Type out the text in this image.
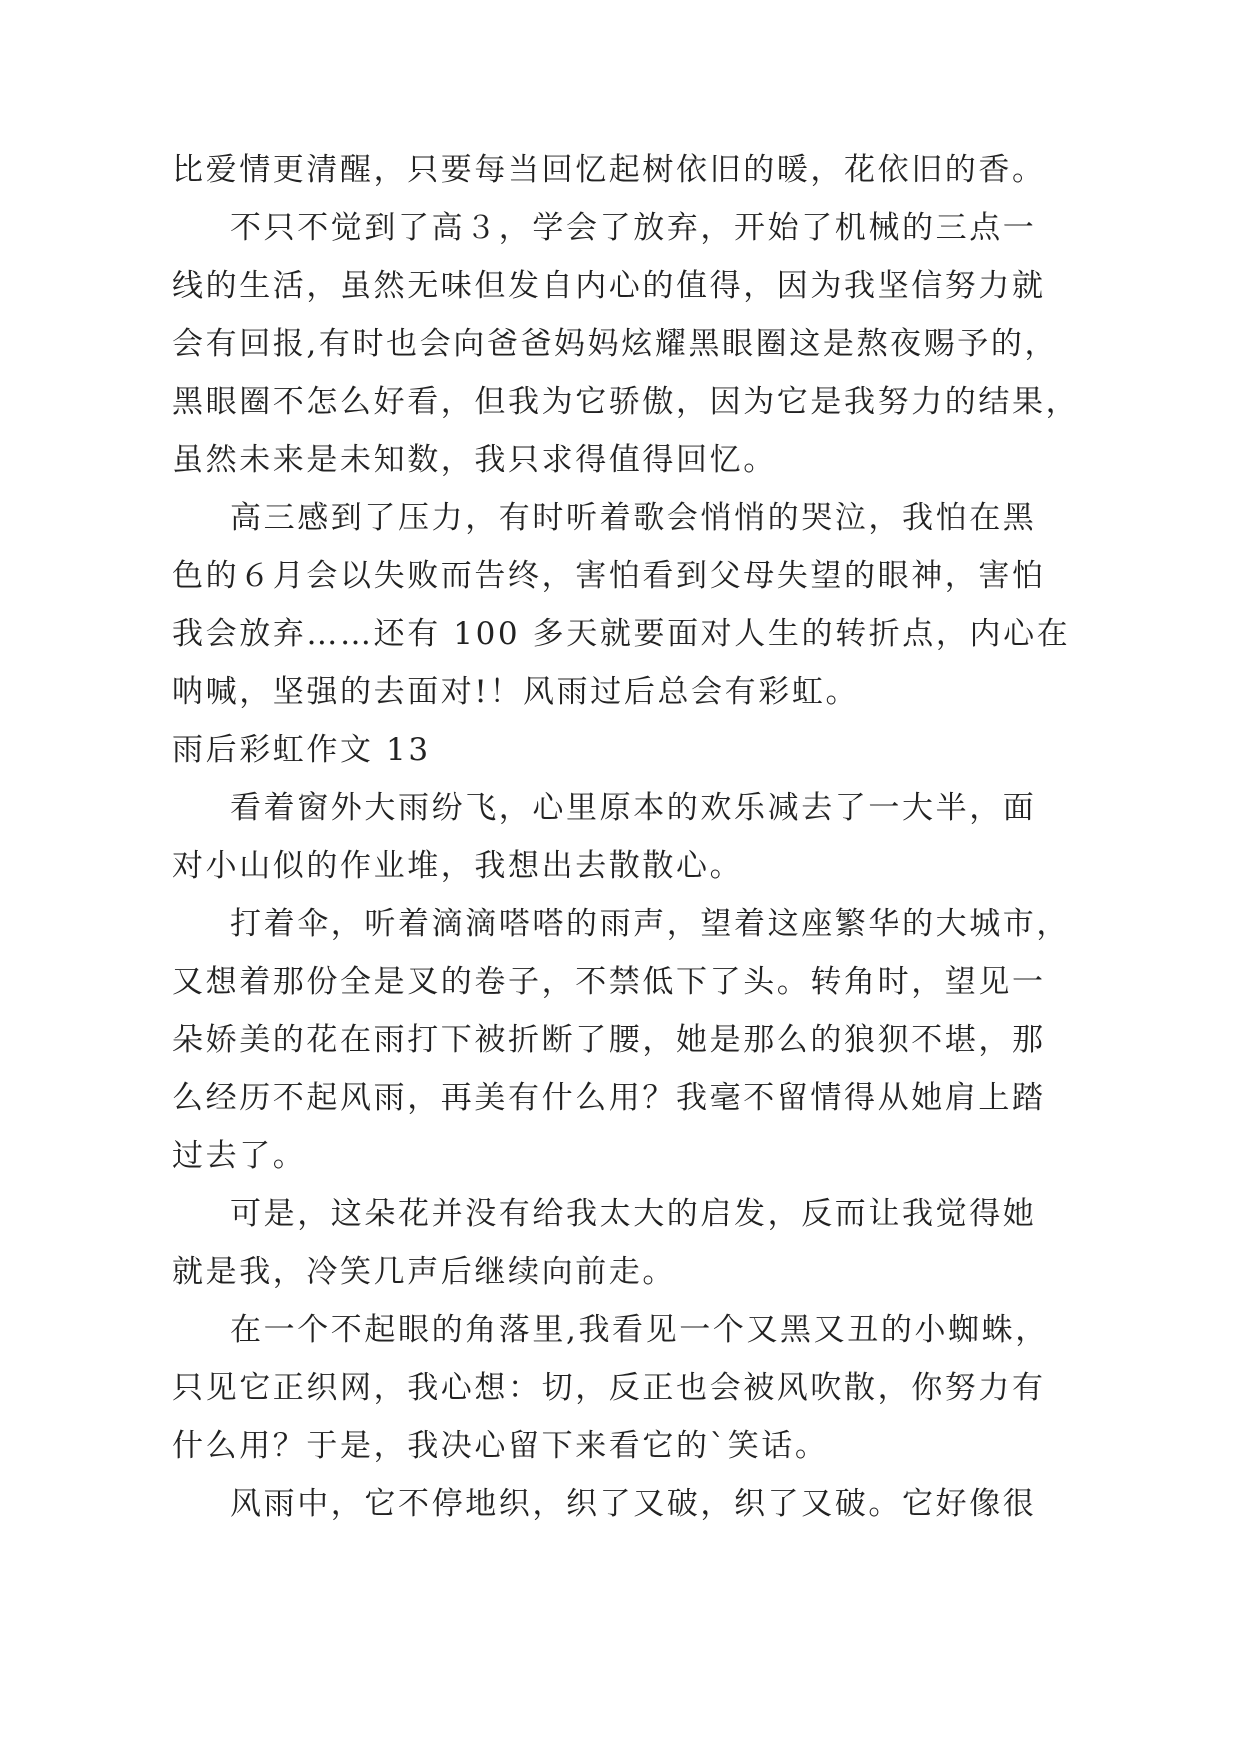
比爱情更清醒，只要每当回忆起树依旧的暖，花依旧的香。
不只不觉到了高３，学会了放弃，开始了机械的三点一
线的生活，虽然无味但发自内心的值得，因为我坚信努力就
会有回报,有时也会向爸爸妈妈炫耀黑眼圈这是熬夜赐予的，
黑眼圈不怎么好看，但我为它骄傲，因为它是我努力的结果，
虽然未来是未知数，我只求得值得回忆。
高三感到了压力，有时听着歌会悄悄的哭泣，我怕在黑
色的６月会以失败而告终，害怕看到父母失望的眼神，害怕
我会放弃……还有 100 多天就要面对人生的转折点，内心在
呐喊，坚强的去面对!！风雨过后总会有彩虹。
雨后彩虹作文 13
看着窗外大雨纷飞，心里原本的欢乐减去了一大半，面
对小山似的作业堆，我想出去散散心。
打着伞，听着滴滴嗒嗒的雨声，望着这座繁华的大城市，
又想着那份全是叉的卷子，不禁低下了头。转角时，望见一
朵娇美的花在雨打下被折断了腰，她是那么的狼狈不堪，那
么经历不起风雨，再美有什么用？我毫不留情得从她肩上踏
过去了。
可是，这朵花并没有给我太大的启发，反而让我觉得她
就是我，冷笑几声后继续向前走。
在一个不起眼的角落里,我看见一个又黑又丑的小蜘蛛，
只见它正织网，我心想：切，反正也会被风吹散，你努力有
什么用？于是，我决心留下来看它的`笑话。
风雨中，它不停地织，织了又破，织了又破。它好像很
